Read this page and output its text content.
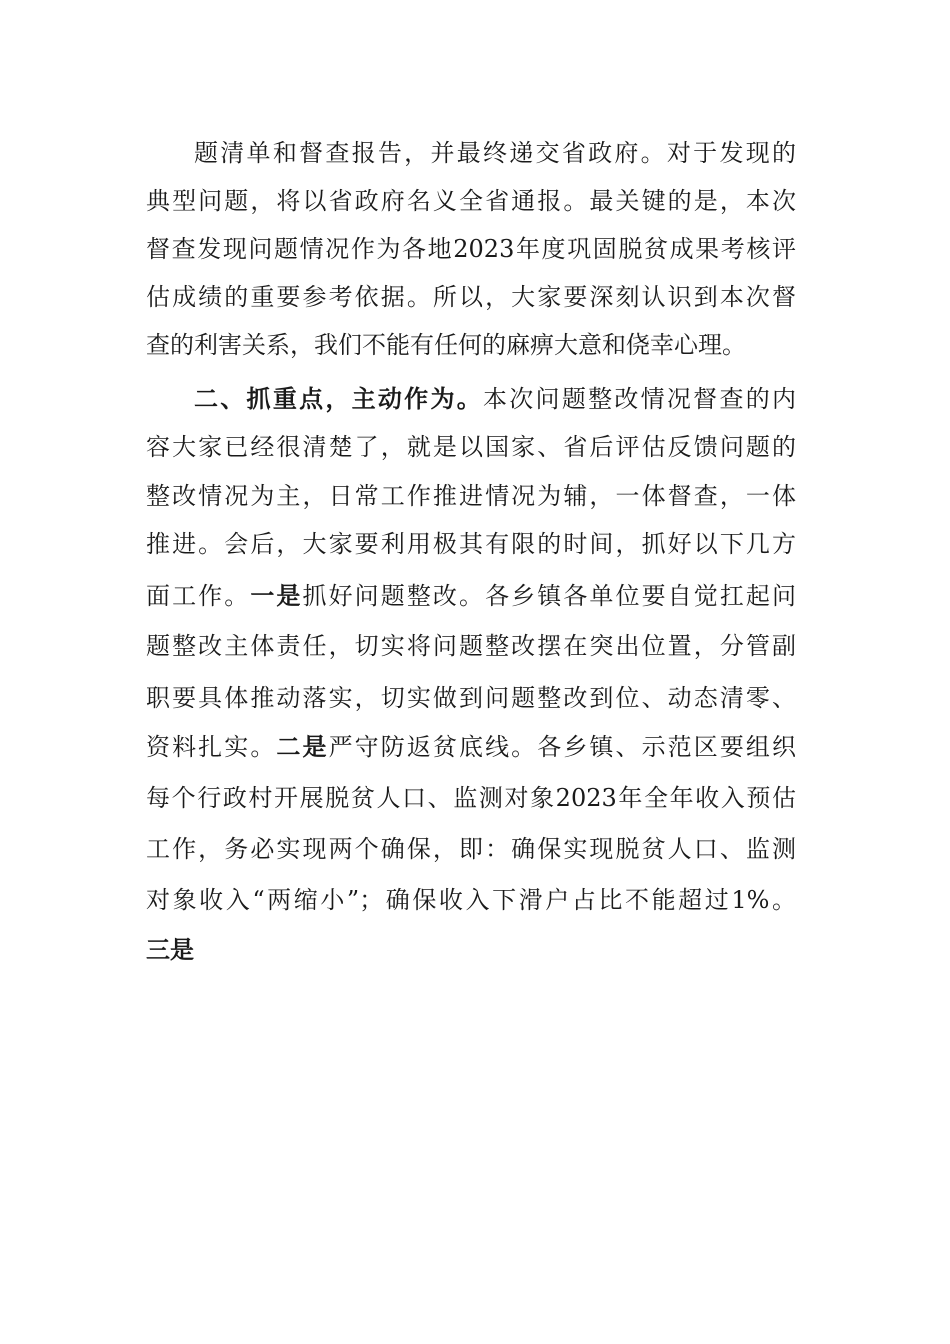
题清单和督查报告，并最终递交省政府。对于发现的
典型问题，将以省政府名义全省通报。最关键的是，本次
督查发现问题情况作为各地2023年度巩固脱贫成果考核评
估成绩的重要参考依据。所以，大家要深刻认识到本次督
查的利害关系，我们不能有任何的麻痹大意和侥幸心理。
二、抓重点，主动作为。本次问题整改情况督查的内
容大家已经很清楚了，就是以国家、省后评估反馈问题的
整改情况为主，日常工作推进情况为辅，一体督查，一体
推进。会后，大家要利用极其有限的时间，抓好以下几方
面工作。一是抓好问题整改。各乡镇各单位要自觉扛起问
题整改主体责任，切实将问题整改摆在突出位置，分管副
职要具体推动落实，切实做到问题整改到位、动态清零、
资料扎实。二是严守防返贫底线。各乡镇、示范区要组织
每个行政村开展脱贫人口、监测对象2023年全年收入预估
工作，务必实现两个确保，即：确保实现脱贫人口、监测
对象收入“两缩小”；确保收入下滑户占比不能超过1%。
三是
